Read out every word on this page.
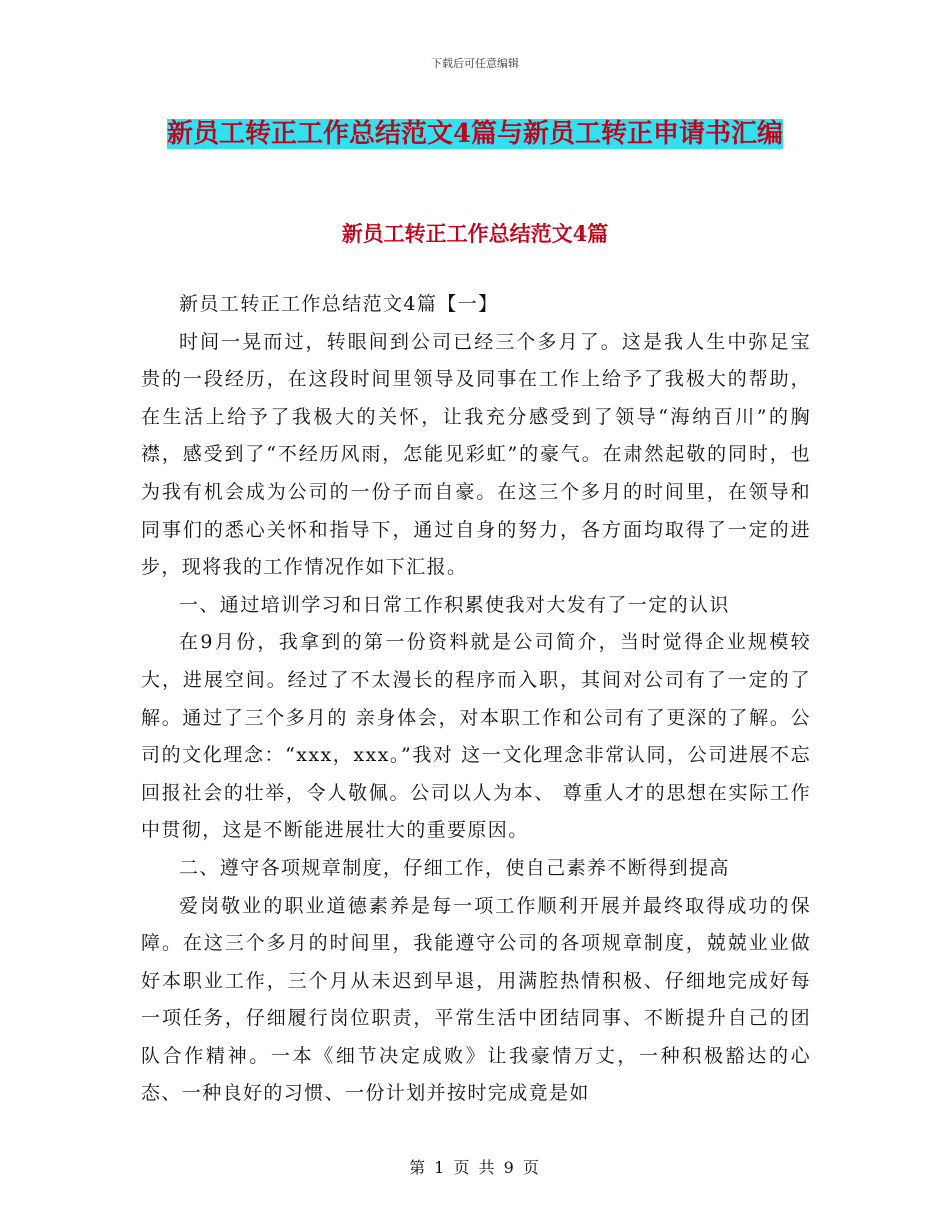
下载后可任意编辑
新员工转正工作总结范文4篇与新员工转正申请书汇编
新员工转正工作总结范文4篇

新员工转正工作总结范文4篇【一】

时间一晃而过，转眼间到公司已经三个多月了。这是我人生中弥足宝贵的一段经历，在这段时间里领导及同事在工作上给予了我极大的帮助，在生活上给予了我极大的关怀，让我充分感受到了领导“海纳百川”的胸襟，感受到了“不经历风雨，怎能见彩虹”的豪气。在肃然起敬的同时，也为我有机会成为公司的一份子而自豪。在这三个多月的时间里，在领导和同事们的悉心关怀和指导下，通过自身的努力，各方面均取得了一定的进步，现将我的工作情况作如下汇报。

一、通过培训学习和日常工作积累使我对大发有了一定的认识

在9月份，我拿到的第一份资料就是公司简介，当时觉得企业规模较大，进展空间。经过了不太漫长的程序而入职，其间对公司有了一定的了解。通过了三个多月的 亲身体会，对本职工作和公司有了更深的了解。公司的文化理念：“xxx，xxx。”我对 这一文化理念非常认同，公司进展不忘回报社会的壮举，令人敬佩。公司以人为本、 尊重人才的思想在实际工作中贯彻，这是不断能进展壮大的重要原因。

二、遵守各项规章制度，仔细工作，使自己素养不断得到提高

爱岗敬业的职业道德素养是每一项工作顺利开展并最终取得成功的保障。在这三个多月的时间里，我能遵守公司的各项规章制度，兢兢业业做好本职业工作，三个月从未迟到早退，用满腔热情积极、仔细地完成好每一项任务，仔细履行岗位职责，平常生活中团结同事、不断提升自己的团队合作精神。一本《细节决定成败》让我豪情万丈，一种积极豁达的心态、一种良好的习惯、一份计划并按时完成竟是如

第 1 页 共 9 页
